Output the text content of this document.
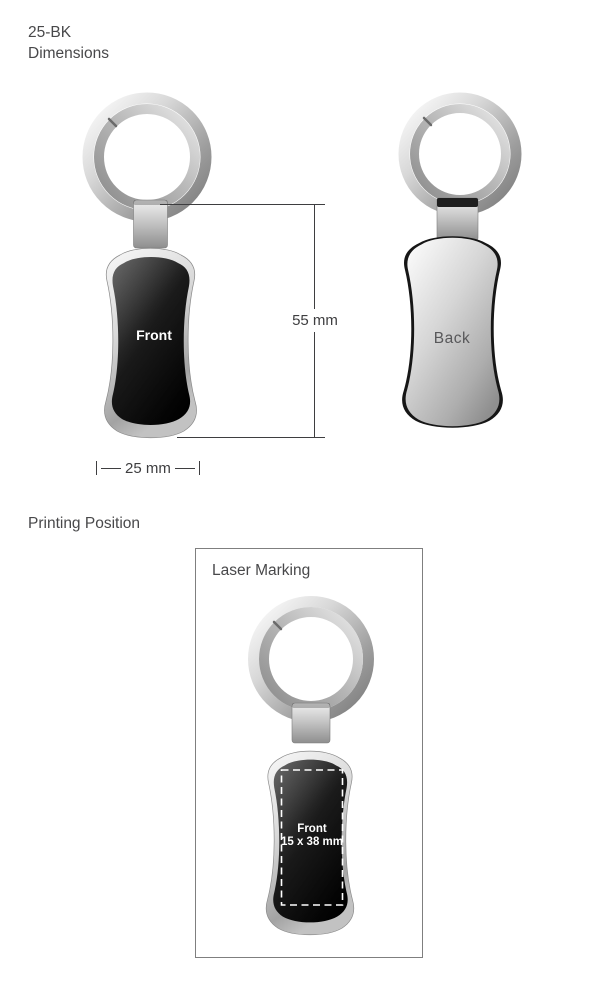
25-BK
Dimensions
Front	Back
55 mm
25 mm
Printing Position
Laser Marking
Front
15 x 38 mm
